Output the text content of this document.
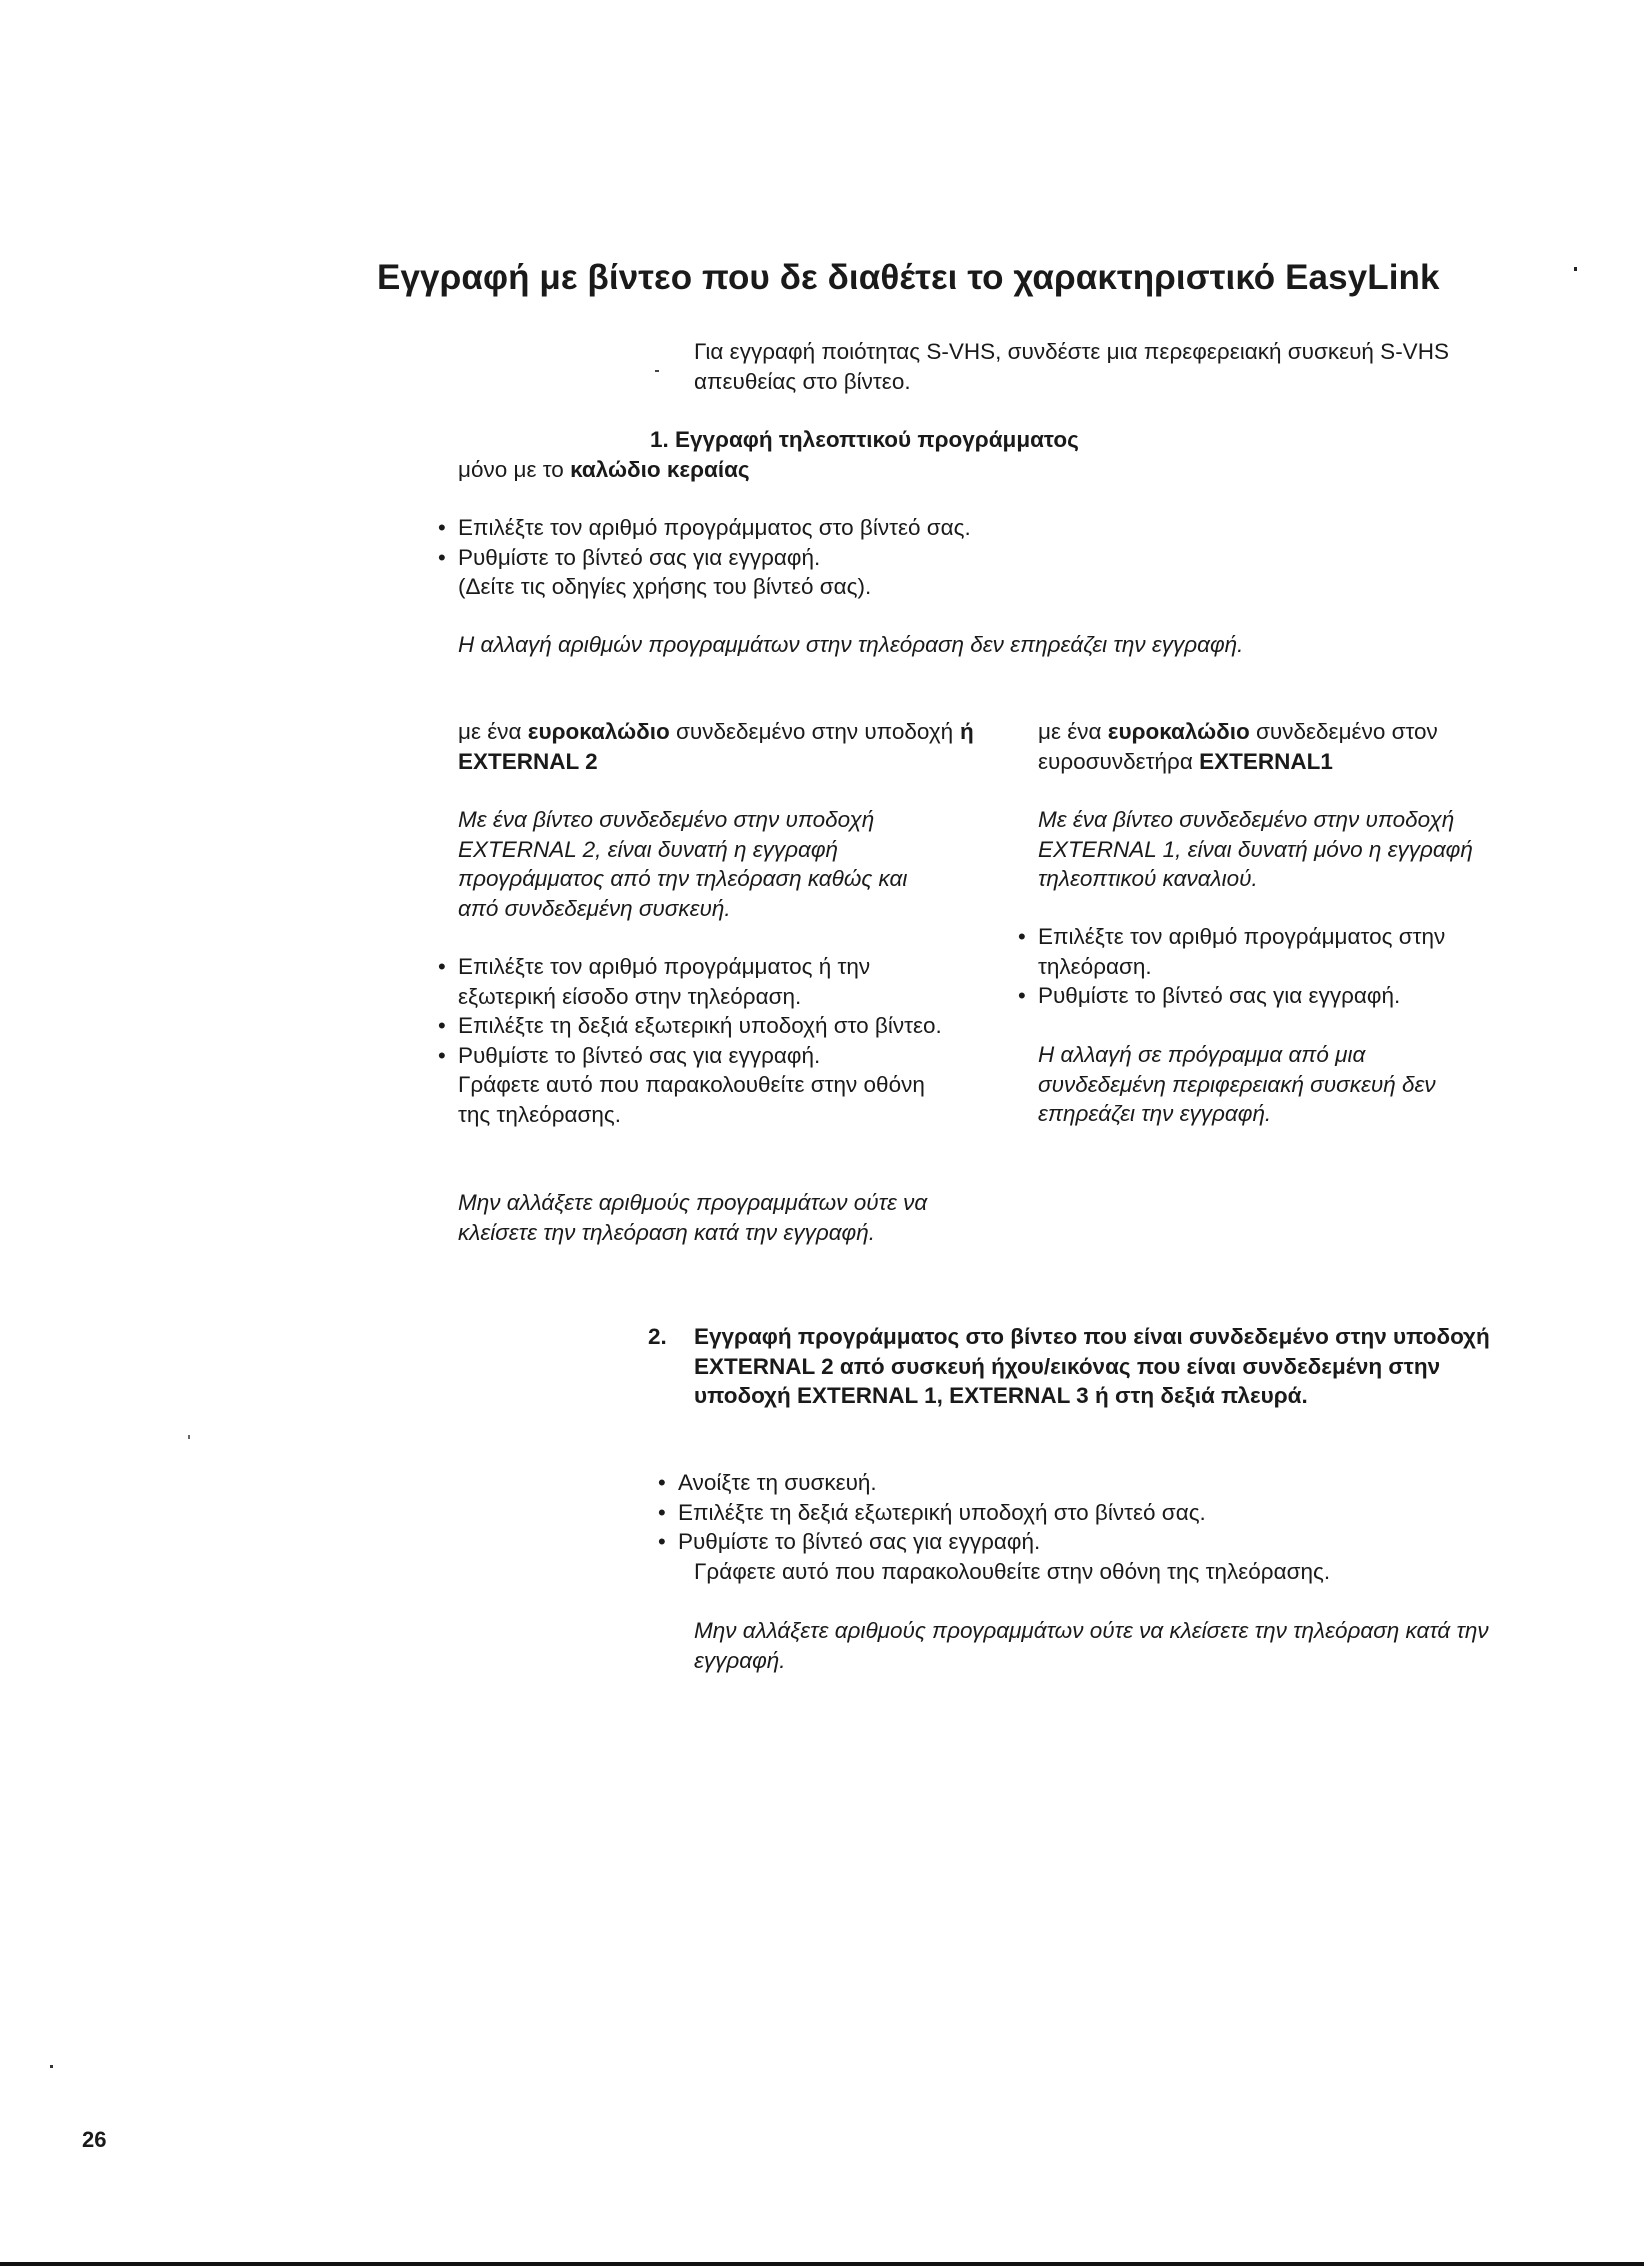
Εγγραφή με βίντεο που δε διαθέτει το χαρακτηριστικό EasyLink
Για εγγραφή ποιότητας S-VHS, συνδέστε μια περεφερειακή συσκευή S-VHS απευθείας στο βίντεο.
1. Εγγραφή τηλεοπτικού προγράμματος
μόνο με το καλώδιο κεραίας
• Επιλέξτε τον αριθμό προγράμματος στο βίντεό σας.
• Ρυθμίστε το βίντεό σας για εγγραφή.
(Δείτε τις οδηγίες χρήσης του βίντεό σας).
Η αλλαγή αριθμών προγραμμάτων στην τηλεόραση δεν επηρεάζει την εγγραφή.
με ένα ευροκαλώδιο συνδεδεμένο στην υποδοχή EXTERNAL 2
ή
Με ένα βίντεο συνδεδεμένο στην υποδοχή EXTERNAL 2, είναι δυνατή η εγγραφή προγράμματος από την τηλεόραση καθώς και από συνδεδεμένη συσκευή.
• Επιλέξτε τον αριθμό προγράμματος ή την εξωτερική είσοδο στην τηλεόραση.
• Επιλέξτε τη δεξιά εξωτερική υποδοχή στο βίντεο.
• Ρυθμίστε το βίντεό σας για εγγραφή.
Γράφετε αυτό που παρακολουθείτε στην οθόνη της τηλεόρασης.
Μην αλλάξετε αριθμούς προγραμμάτων ούτε να κλείσετε την τηλεόραση κατά την εγγραφή.
με ένα ευροκαλώδιο συνδεδεμένο στον ευροσυνδετήρα EXTERNAL1
Με ένα βίντεο συνδεδεμένο στην υποδοχή EXTERNAL 1, είναι δυνατή μόνο η εγγραφή τηλεοπτικού καναλιού.
• Επιλέξτε τον αριθμό προγράμματος στην τηλεόραση.
• Ρυθμίστε το βίντεό σας για εγγραφή.
Η αλλαγή σε πρόγραμμα από μια συνδεδεμένη περιφερειακή συσκευή δεν επηρεάζει την εγγραφή.
2. Εγγραφή προγράμματος στο βίντεο που είναι συνδεδεμένο στην υποδοχή EXTERNAL 2 από συσκευή ήχου/εικόνας που είναι συνδεδεμένη στην υποδοχή EXTERNAL 1, EXTERNAL 3 ή στη δεξιά πλευρά.
• Ανοίξτε τη συσκευή.
• Επιλέξτε τη δεξιά εξωτερική υποδοχή στο βίντεό σας.
• Ρυθμίστε το βίντεό σας για εγγραφή.
Γράφετε αυτό που παρακολουθείτε στην οθόνη της τηλεόρασης.
Μην αλλάξετε αριθμούς προγραμμάτων ούτε να κλείσετε την τηλεόραση κατά την εγγραφή.
26
